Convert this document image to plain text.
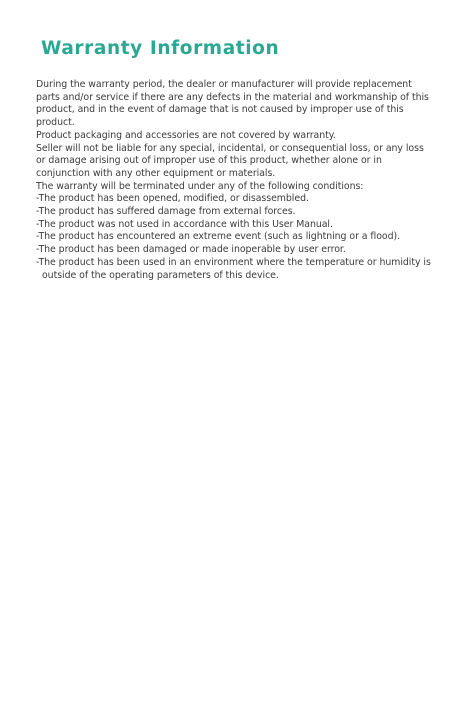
Warranty Information

During the warranty period, the dealer or manufacturer will provide replacement parts and/or service if there are any defects in the material and workmanship of this product, and in the event of damage that is not caused by improper use of this product.

Product packaging and accessories are not covered by warranty.

Seller will not be liable for any special, incidental, or consequential loss, or any loss or damage arising out of improper use of this product, whether alone or in conjunction with any other equipment or materials.

The warranty will be terminated under any of the following conditions:

-The product has been opened, modified, or disassembled.
-The product has suffered damage from external forces.
-The product was not used in accordance with this User Manual.
-The product has encountered an extreme event (such as lightning or a flood).
-The product has been damaged or made inoperable by user error.
-The product has been used in an environment where the temperature or humidity is outside of the operating parameters of this device.
